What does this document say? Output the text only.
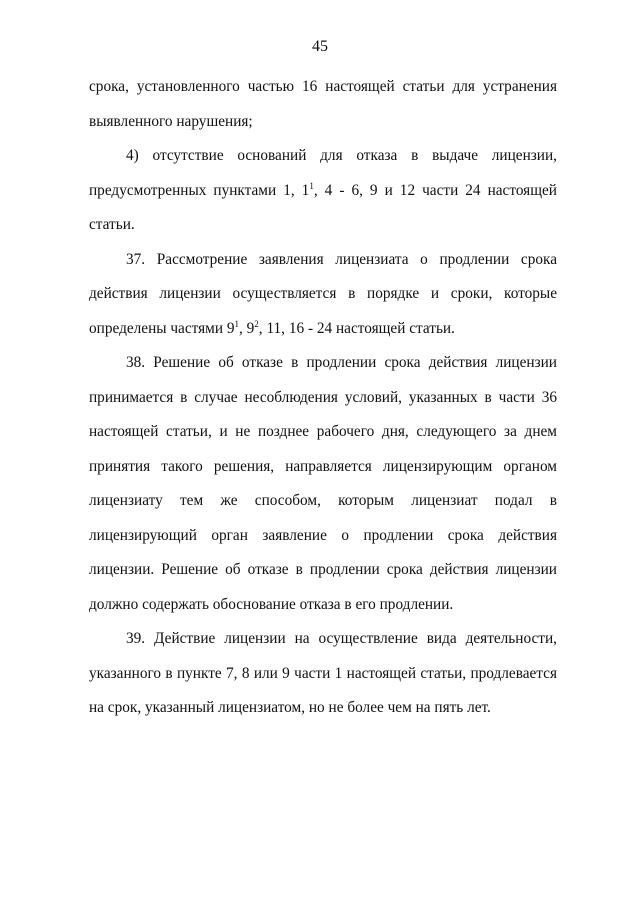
45

срока, установленного частью 16 настоящей статьи для устранения выявленного нарушения;

4) отсутствие оснований для отказа в выдаче лицензии, предусмотренных пунктами 1, $1^1$, 4 - 6, 9 и 12 части 24 настоящей статьи.

37. Рассмотрение заявления лицензиата о продлении срока действия лицензии осуществляется в порядке и сроки, которые определены частями $9^1$, $9^2$, 11, 16 - 24 настоящей статьи.

38. Решение об отказе в продлении срока действия лицензии принимается в случае несоблюдения условий, указанных в части 36 настоящей статьи, и не позднее рабочего дня, следующего за днем принятия такого решения, направляется лицензирующим органом лицензиату тем же способом, которым лицензиат подал в лицензирующий орган заявление о продлении срока действия лицензии. Решение об отказе в продлении срока действия лицензии должно содержать обоснование отказа в его продлении.

39. Действие лицензии на осуществление вида деятельности, указанного в пункте 7, 8 или 9 части 1 настоящей статьи, продлевается на срок, указанный лицензиатом, но не более чем на пять лет.
